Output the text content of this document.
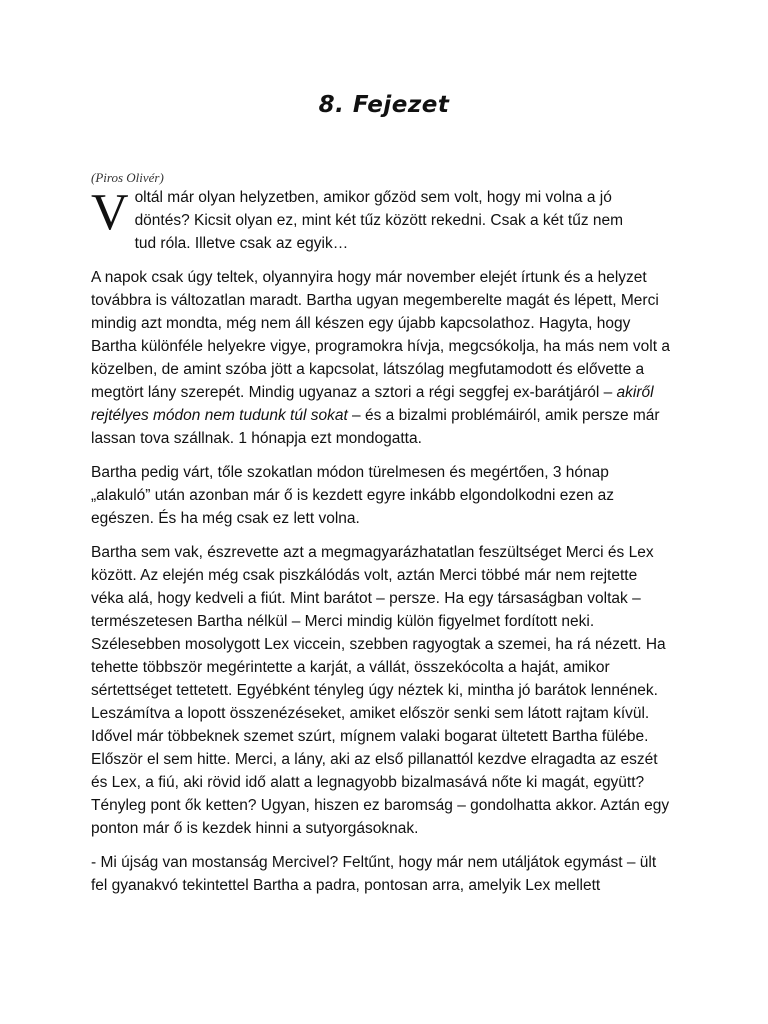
8. Fejezet
(Piros Olivér)
V oltál már olyan helyzetben, amikor gőzöd sem volt, hogy mi volna a jó
döntés? Kicsit olyan ez, mint két tűz között rekedni. Csak a két tűz nem
tud róla. Illetve csak az egyik…

A napok csak úgy teltek, olyannyira hogy már november elejét írtunk és a helyzet továbbra is változatlan maradt. Bartha ugyan megemberelte magát és lépett, Merci mindig azt mondta, még nem áll készen egy újabb kapcsolathoz. Hagyta, hogy Bartha különféle helyekre vigye, programokra hívja, megcsókolja, ha más nem volt a közelben, de amint szóba jött a kapcsolat, látszólag megfutamodott és elővette a megtört lány szerepét. Mindig ugyanaz a sztori a régi seggfej ex-barátjáról – akiről rejtélyes módon nem tudunk túl sokat – és a bizalmi problémáiról, amik persze már lassan tova szállnak. 1 hónapja ezt mondogatta.

Bartha pedig várt, tőle szokatlan módon türelmesen és megértően, 3 hónap „alakuló” után azonban már ő is kezdett egyre inkább elgondolkodni ezen az egészen. És ha még csak ez lett volna.

Bartha sem vak, észrevette azt a megmagyarázhatatlan feszültséget Merci és Lex között. Az elején még csak piszkálódás volt, aztán Merci többé már nem rejtette véka alá, hogy kedveli a fiút. Mint barátot – persze. Ha egy társaságban voltak – természetesen Bartha nélkül – Merci mindig külön figyelmet fordított neki. Szélesebben mosolygott Lex viccein, szebben ragyogtak a szemei, ha rá nézett. Ha tehette többször megérintette a karját, a vállát, összekócolta a haját, amikor sértettséget tettetett. Egyébként tényleg úgy néztek ki, mintha jó barátok lennének. Leszámítva a lopott összenézéseket, amiket először senki sem látott rajtam kívül. Idővel már többeknek szemet szúrt, mígnem valaki bogarat ültetett Bartha fülébe. Először el sem hitte. Merci, a lány, aki az első pillanattól kezdve elragadta az eszét és Lex, a fiú, aki rövid idő alatt a legnagyobb bizalmasává nőte ki magát, együtt? Tényleg pont ők ketten? Ugyan, hiszen ez baromság – gondolhatta akkor. Aztán egy ponton már ő is kezdek hinni a sutyorgásoknak.

- Mi újság van mostanság Mercivel? Feltűnt, hogy már nem utáljátok egymást – ült fel gyanakvó tekintettel Bartha a padra, pontosan arra, amelyik Lex mellett
